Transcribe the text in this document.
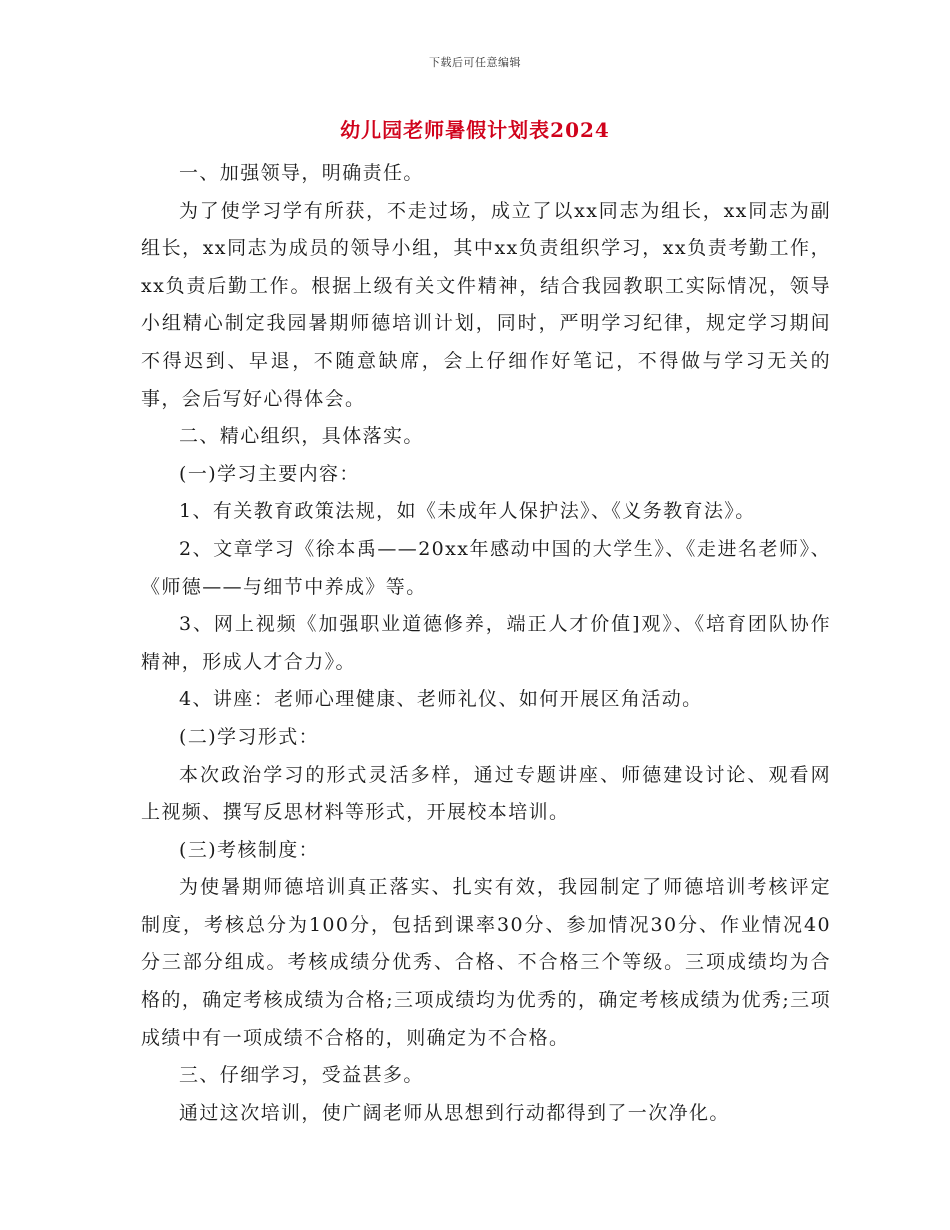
下载后可任意编辑
幼儿园老师暑假计划表2024

一、加强领导，明确责任。

为了使学习学有所获，不走过场，成立了以xx同志为组长，xx同志为副组长，xx同志为成员的领导小组，其中xx负责组织学习，xx负责考勤工作，xx负责后勤工作。根据上级有关文件精神，结合我园教职工实际情况，领导小组精心制定我园暑期师德培训计划，同时，严明学习纪律，规定学习期间不得迟到、早退，不随意缺席，会上仔细作好笔记，不得做与学习无关的事，会后写好心得体会。

二、精心组织，具体落实。

(一)学习主要内容：

1、有关教育政策法规，如《未成年人保护法》、《义务教育法》。

2、文章学习《徐本禹——20xx年感动中国的大学生》、《走进名老师》、《师德——与细节中养成》等。

3、网上视频《加强职业道德修养，端正人才价值]观》、《培育团队协作精神，形成人才合力》。

4、讲座：老师心理健康、老师礼仪、如何开展区角活动。

(二)学习形式：

本次政治学习的形式灵活多样，通过专题讲座、师德建设讨论、观看网上视频、撰写反思材料等形式，开展校本培训。

(三)考核制度：

为使暑期师德培训真正落实、扎实有效，我园制定了师德培训考核评定制度，考核总分为100分，包括到课率30分、参加情况30分、作业情况40分三部分组成。考核成绩分优秀、合格、不合格三个等级。三项成绩均为合格的，确定考核成绩为合格;三项成绩均为优秀的，确定考核成绩为优秀;三项成绩中有一项成绩不合格的，则确定为不合格。

三、仔细学习，受益甚多。

通过这次培训，使广阔老师从思想到行动都得到了一次净化。
